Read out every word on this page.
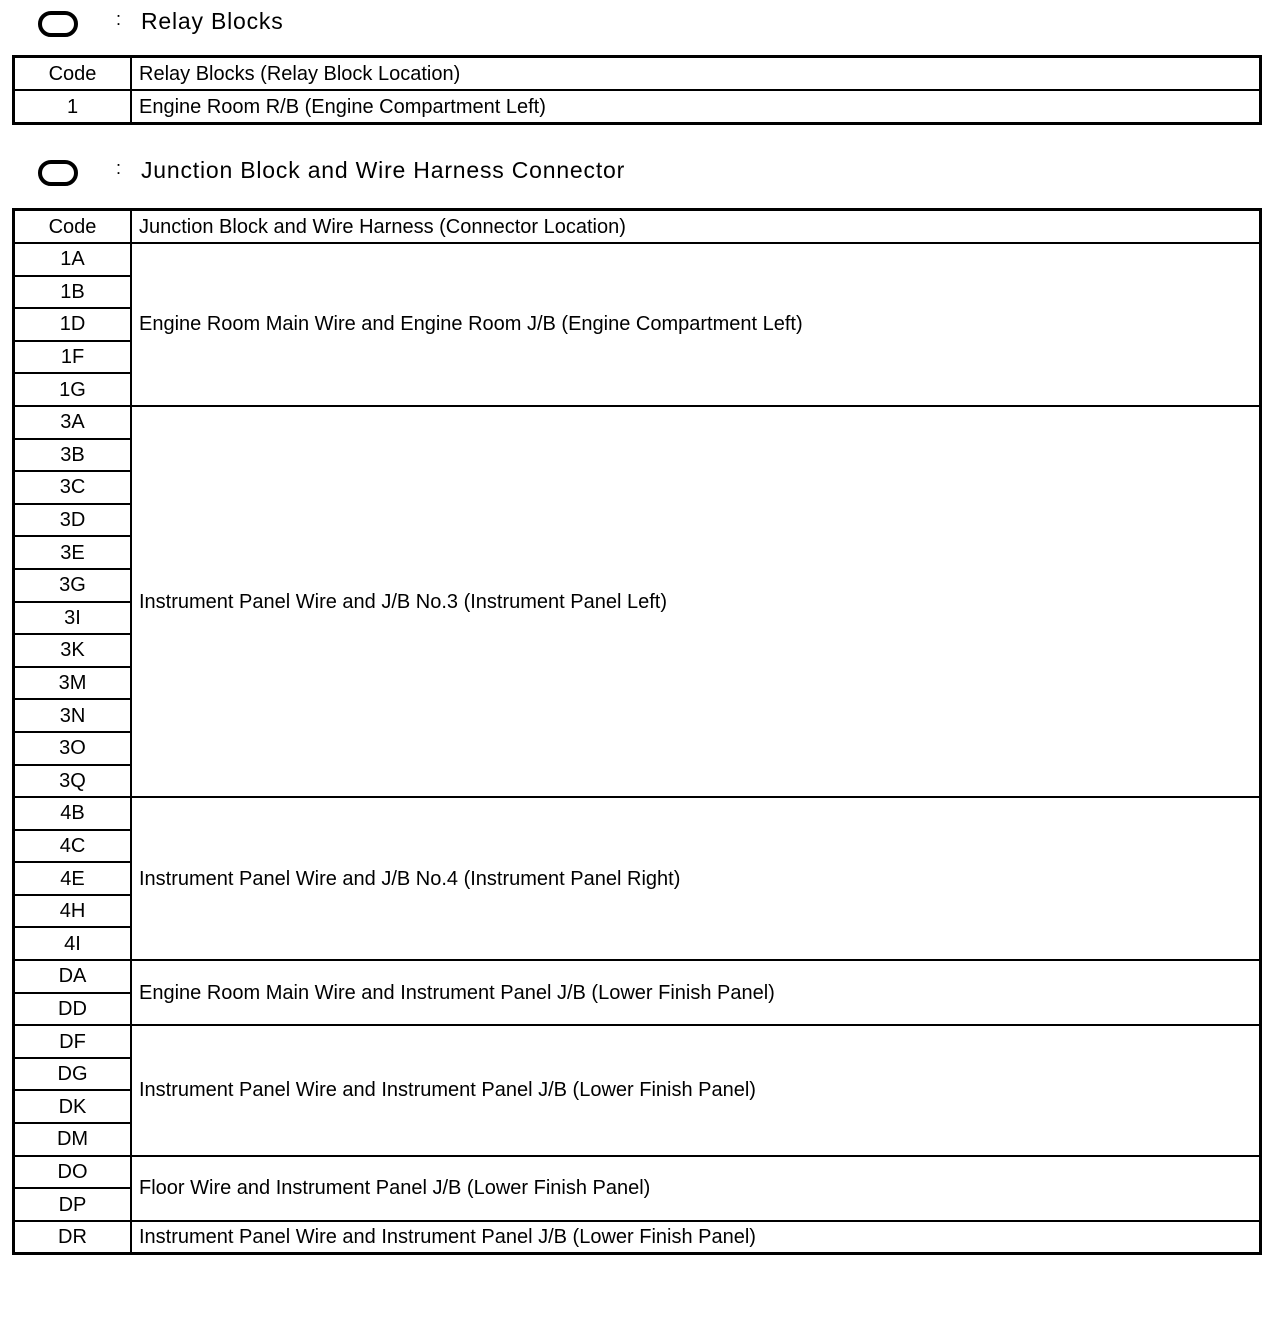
: Relay Blocks
Code	Relay Blocks (Relay Block Location)
1	Engine Room R/B (Engine Compartment Left)
: Junction Block and Wire Harness Connector
Code	Junction Block and Wire Harness (Connector Location)
1A	Engine Room Main Wire and Engine Room J/B (Engine Compartment Left)
1B	
1D	
1F	
1G	
3A	Instrument Panel Wire and J/B No.3 (Instrument Panel Left)
3B	
3C	
3D	
3E	
3G	
3I	
3K	
3M	
3N	
3O	
3Q	
4B	Instrument Panel Wire and J/B No.4 (Instrument Panel Right)
4C	
4E	
4H	
4I	
DA	Engine Room Main Wire and Instrument Panel J/B (Lower Finish Panel)
DD	
DF	Instrument Panel Wire and Instrument Panel J/B (Lower Finish Panel)
DG	
DK	
DM	
DO	Floor Wire and Instrument Panel J/B (Lower Finish Panel)
DP	
DR	Instrument Panel Wire and Instrument Panel J/B (Lower Finish Panel)
